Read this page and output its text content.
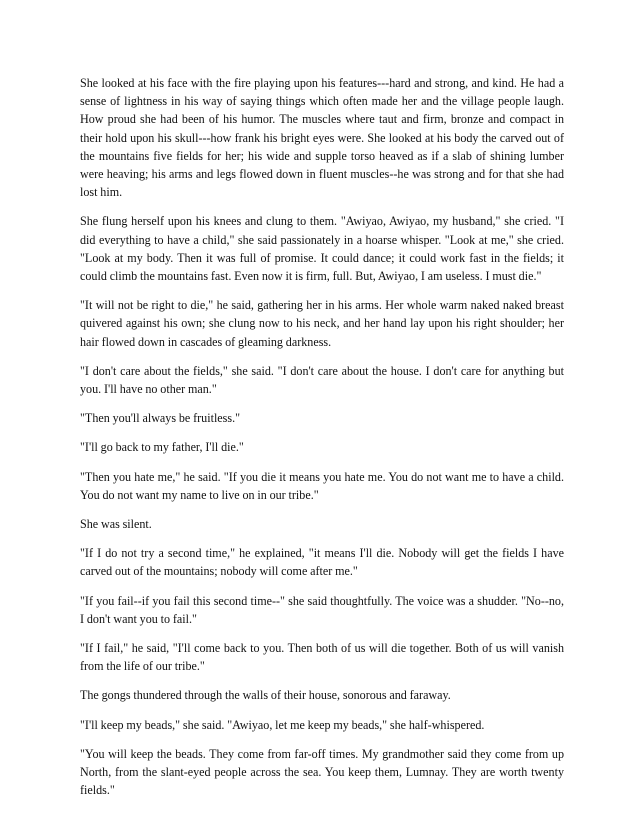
She looked at his face with the fire playing upon his features---hard and strong, and kind. He had a sense of lightness in his way of saying things which often made her and the village people laugh. How proud she had been of his humor. The muscles where taut and firm, bronze and compact in their hold upon his skull---how frank his bright eyes were. She looked at his body the carved out of the mountains five fields for her; his wide and supple torso heaved as if a slab of shining lumber were heaving; his arms and legs flowed down in fluent muscles--he was strong and for that she had lost him.

She flung herself upon his knees and clung to them. "Awiyao, Awiyao, my husband," she cried. "I did everything to have a child," she said passionately in a hoarse whisper. "Look at me," she cried. "Look at my body. Then it was full of promise. It could dance; it could work fast in the fields; it could climb the mountains fast. Even now it is firm, full. But, Awiyao, I am useless. I must die."

"It will not be right to die," he said, gathering her in his arms. Her whole warm naked naked breast quivered against his own; she clung now to his neck, and her hand lay upon his right shoulder; her hair flowed down in cascades of gleaming darkness.

"I don't care about the fields," she said. "I don't care about the house. I don't care for anything but you. I'll have no other man."

"Then you'll always be fruitless."

"I'll go back to my father, I'll die."

"Then you hate me," he said. "If you die it means you hate me. You do not want me to have a child. You do not want my name to live on in our tribe."

She was silent.

"If I do not try a second time," he explained, "it means I'll die. Nobody will get the fields I have carved out of the mountains; nobody will come after me."

"If you fail--if you fail this second time--" she said thoughtfully. The voice was a shudder. "No--no, I don't want you to fail."

"If I fail," he said, "I'll come back to you. Then both of us will die together. Both of us will vanish from the life of our tribe."

The gongs thundered through the walls of their house, sonorous and faraway.

"I'll keep my beads," she said. "Awiyao, let me keep my beads," she half-whispered.

"You will keep the beads. They come from far-off times. My grandmother said they come from up North, from the slant-eyed people across the sea. You keep them, Lumnay. They are worth twenty fields."
